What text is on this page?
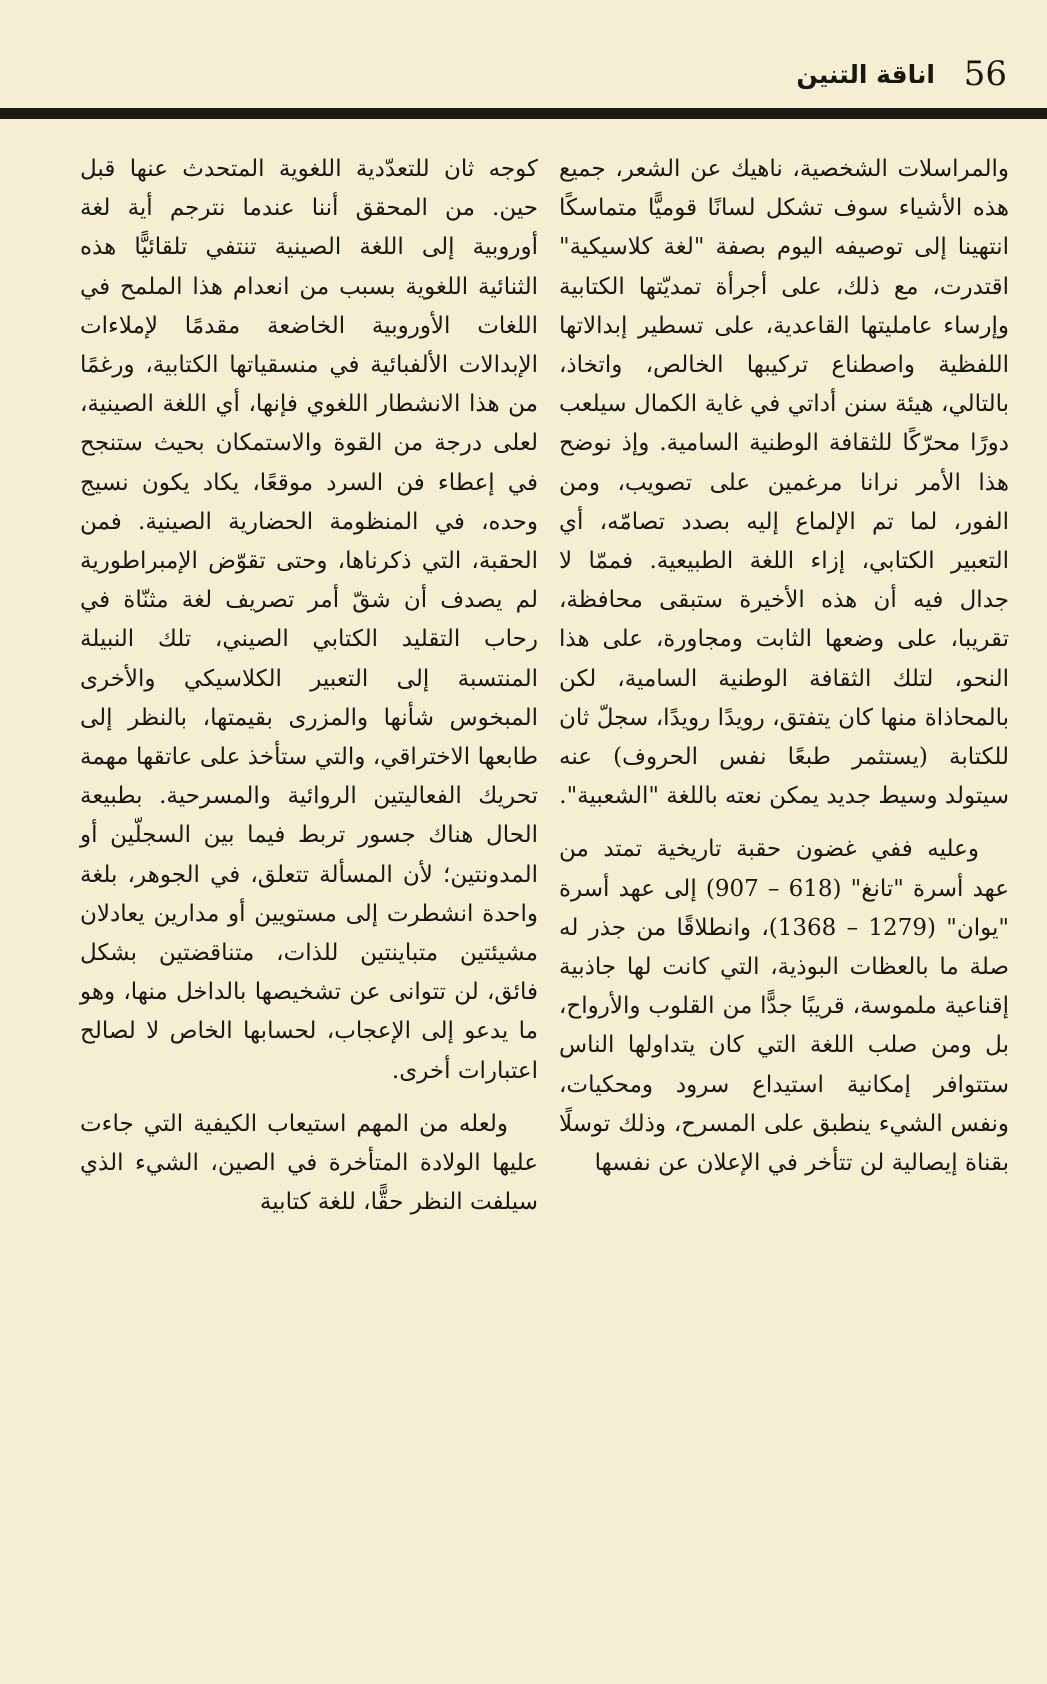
56
اناقة التنين

والمراسلات الشخصية، ناهيك عن الشعر، جميع هذه الأشياء سوف تشكل لسانًا قوميًّا متماسكًا انتهينا إلى توصيفه اليوم بصفة "لغة كلاسيكية" اقتدرت، مع ذلك، على أجرأة تمديّتها الكتابية وإرساء عامليتها القاعدية، على تسطير إبدالاتها اللفظية واصطناع تركيبها الخالص، واتخاذ، بالتالي، هيئة سنن أداتي في غاية الكمال سيلعب دورًا محرّكًا للثقافة الوطنية السامية. وإذ نوضح هذا الأمر نرانا مرغمين على تصويب، ومن الفور، لما تم الإلماع إليه بصدد تصامّه، أي التعبير الكتابي، إزاء اللغة الطبيعية. فممّا لا جدال فيه أن هذه الأخيرة ستبقى محافظة، تقريبا، على وضعها الثابت ومجاورة، على هذا النحو، لتلك الثقافة الوطنية السامية، لكن بالمحاذاة منها كان يتفتق، رويدًا رويدًا، سجلّ ثان للكتابة (يستثمر طبعًا نفس الحروف) عنه سيتولد وسيط جديد يمكن نعته باللغة "الشعبية".

وعليه ففي غضون حقبة تاريخية تمتد من عهد أسرة "تانغ" (618 – 907) إلى عهد أسرة "يوان" (1279 – 1368)، وانطلاقًا من جذر له صلة ما بالعظات البوذية، التي كانت لها جاذبية إقناعية ملموسة، قريبًا جدًّا من القلوب والأرواح، بل ومن صلب اللغة التي كان يتداولها الناس ستتوافر إمكانية استيداع سرود ومحكيات، ونفس الشيء ينطبق على المسرح، وذلك توسلًا بقناة إيصالية لن تتأخر في الإعلان عن نفسها

كوجه ثان للتعدّدية اللغوية المتحدث عنها قبل حين. من المحقق أننا عندما نترجم أية لغة أوروبية إلى اللغة الصينية تنتفي تلقائيًّا هذه الثنائية اللغوية بسبب من انعدام هذا الملمح في اللغات الأوروبية الخاضعة مقدمًا لإملاءات الإبدالات الألفبائية في منسقياتها الكتابية، ورغمًا من هذا الانشطار اللغوي فإنها، أي اللغة الصينية، لعلى درجة من القوة والاستمكان بحيث ستنجح في إعطاء فن السرد موقعًا، يكاد يكون نسيج وحده، في المنظومة الحضارية الصينية. فمن الحقبة، التي ذكرناها، وحتى تقوّض الإمبراطورية لم يصدف أن شقّ أمر تصريف لغة مثنّاة في رحاب التقليد الكتابي الصيني، تلك النبيلة المنتسبة إلى التعبير الكلاسيكي والأخرى المبخوس شأنها والمزرى بقيمتها، بالنظر إلى طابعها الاختراقي، والتي ستأخذ على عاتقها مهمة تحريك الفعاليتين الروائية والمسرحية. بطبيعة الحال هناك جسور تربط فيما بين السجلّين أو المدونتين؛ لأن المسألة تتعلق، في الجوهر، بلغة واحدة انشطرت إلى مستويين أو مدارين يعادلان مشيئتين متباينتين للذات، متناقضتين بشكل فائق، لن تتوانى عن تشخيصها بالداخل منها، وهو ما يدعو إلى الإعجاب، لحسابها الخاص لا لصالح اعتبارات أخرى.

ولعله من المهم استيعاب الكيفية التي جاءت عليها الولادة المتأخرة في الصين، الشيء الذي سيلفت النظر حقًّا، للغة كتابية
